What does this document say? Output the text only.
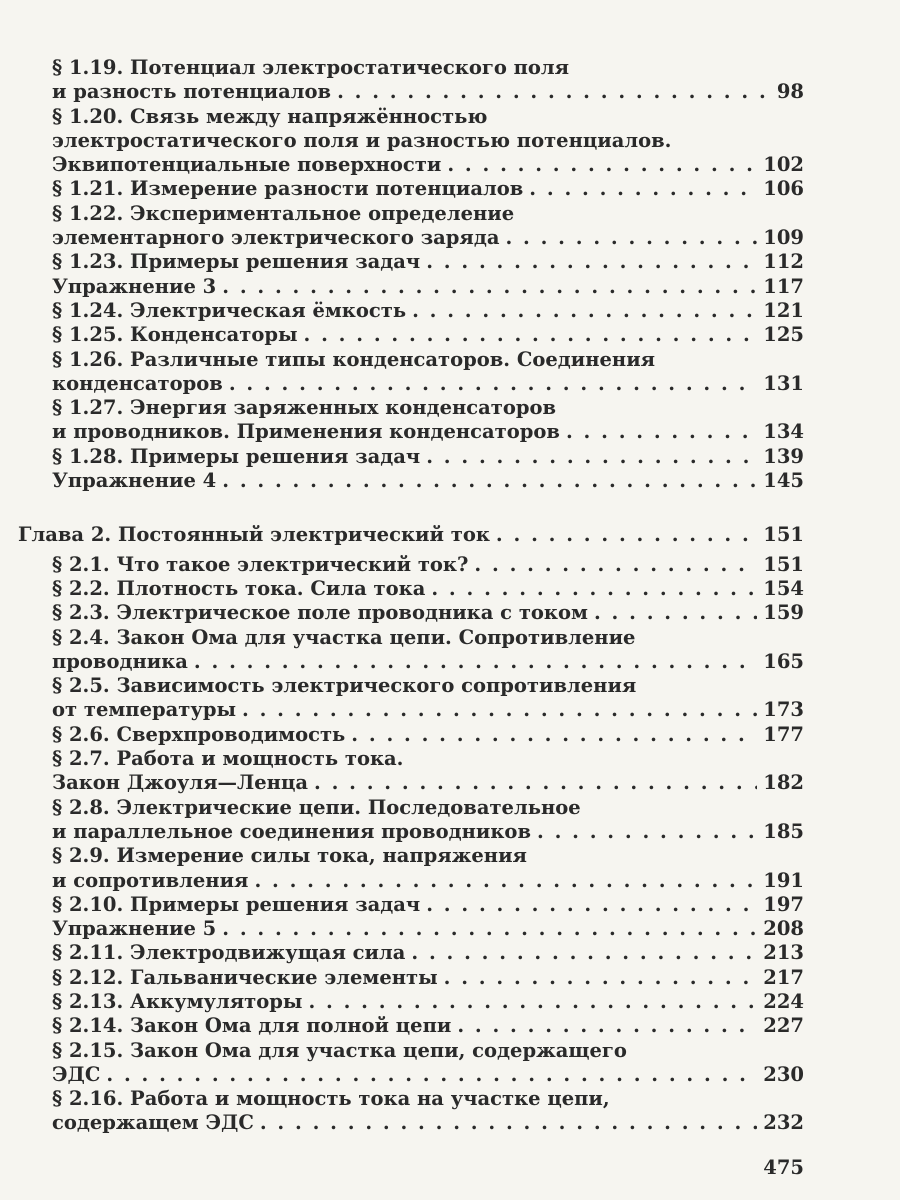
§ 1.19. Потенциал электростатического поля
и разность потенциалов . . .	98
§ 1.20. Связь между напряжённостью
электростатического поля и разностью потенциалов.
Эквипотенциальные поверхности . . .	102
§ 1.21. Измерение разности потенциалов . . .	106
§ 1.22. Экспериментальное определение
элементарного электрического заряда . . .	109
§ 1.23. Примеры решения задач . . .	112
Упражнение 3 . . .	117
§ 1.24. Электрическая ёмкость . . .	121
§ 1.25. Конденсаторы . . .	125
§ 1.26. Различные типы конденсаторов. Соединения
конденсаторов . . .	131
§ 1.27. Энергия заряженных конденсаторов
и проводников. Применения конденсаторов . . .	134
§ 1.28. Примеры решения задач . . .	139
Упражнение 4 . . .	145
Глава 2. Постоянный электрический ток . . .	151
§ 2.1. Что такое электрический ток? . . .	151
§ 2.2. Плотность тока. Сила тока . . .	154
§ 2.3. Электрическое поле проводника с током . . .	159
§ 2.4. Закон Ома для участка цепи. Сопротивление
проводника . . .	165
§ 2.5. Зависимость электрического сопротивления
от температуры . . .	173
§ 2.6. Сверхпроводимость . . .	177
§ 2.7. Работа и мощность тока.
Закон Джоуля—Ленца . . .	182
§ 2.8. Электрические цепи. Последовательное
и параллельное соединения проводников . . .	185
§ 2.9. Измерение силы тока, напряжения
и сопротивления . . .	191
§ 2.10. Примеры решения задач . . .	197
Упражнение 5 . . .	208
§ 2.11. Электродвижущая сила . . .	213
§ 2.12. Гальванические элементы . . .	217
§ 2.13. Аккумуляторы . . .	224
§ 2.14. Закон Ома для полной цепи . . .	227
§ 2.15. Закон Ома для участка цепи, содержащего
ЭДС . . .	230
§ 2.16. Работа и мощность тока на участке цепи,
содержащем ЭДС . . .	232
475
